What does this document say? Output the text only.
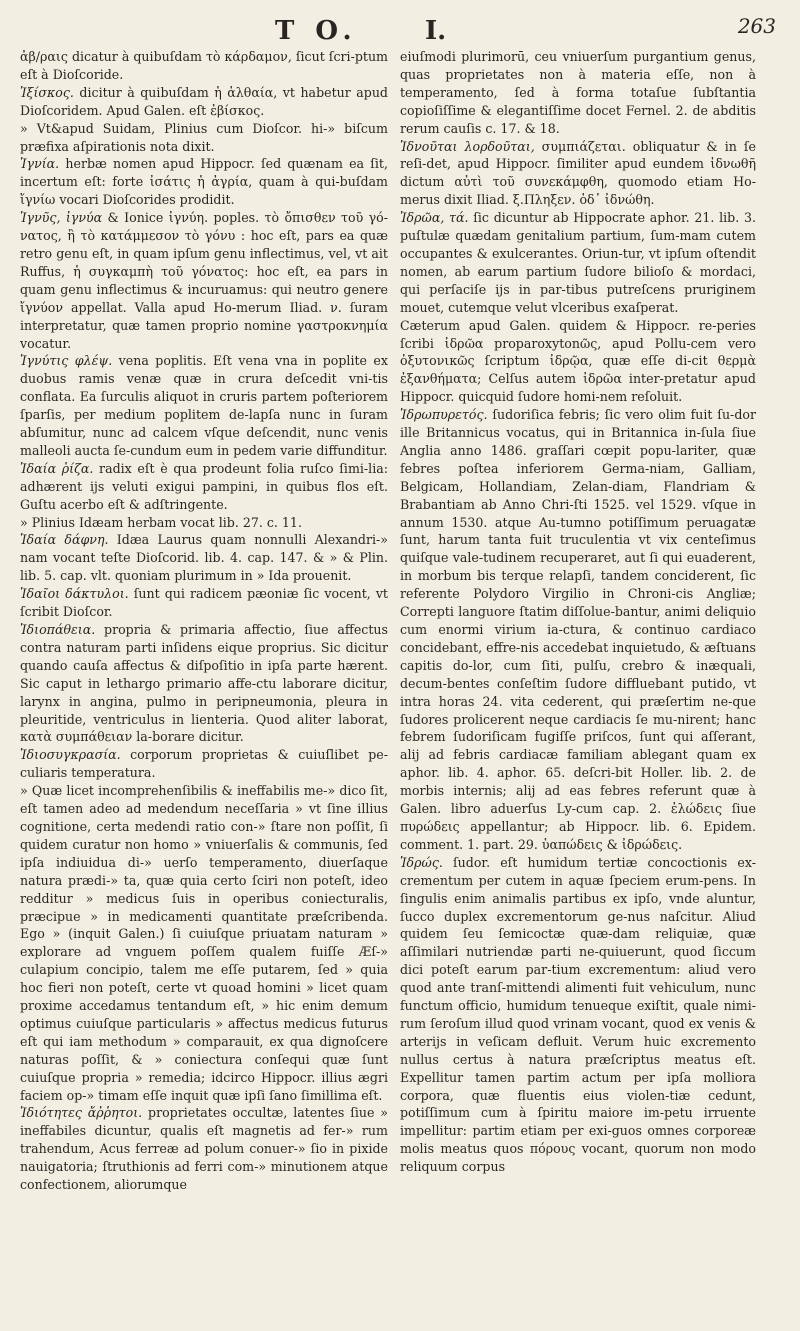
T O.	I.	263

ἀβ/ραις dicatur à quibuſdam τὸ κάρδαμον, ſicut ſcri-ptum eſt à Dioſcoride.

Ἰξίσκος. dicitur à quibuſdam ἡ ἀλθαία, vt habetur apud Dioſcoridem. Apud Galen. eſt ἐβίσκος.

» Vt&apud Suidam, Plinius cum Dioſcor. hi-» biſcum præfixa aſpirationis nota dixit.

Ἰγνία. herbæ nomen apud Hippocr. ſed quænam ea ſit, incertum eſt: forte ἰσάτις ἡ ἀγρία, quam à qui-buſdam ἴγνίω vocari Dioſcorides prodidit.

Ἰγνῦς, ἰγνύα & Ionice ἰγνύη. poples. τὸ ὄπισθεν τοῦ γό-νατος, ἢ τὸ κατάμμεσον τὸ γόνυ : hoc eſt, pars ea quæ retro genu eſt, in quam ipſum genu inflectimus, vel, vt ait Ruffus, ἡ συγκαμπὴ τοῦ γόνατος: hoc eſt, ea pars in quam genu inflectimus & incuruamus: qui neutro genere ἴγνύον appellat. Valla apud Ho-merum Iliad. ν. ſuram interpretatur, quæ tamen proprio nomine γαστροκνημία vocatur.

Ἰγνύτις φλέψ. vena poplitis. Eſt vena vna in poplite ex duobus ramis venæ quæ in crura deſcedit vni-tis conflata. Ea ſurculis aliquot in cruris partem poſteriorem ſparſis, per medium poplitem de-lapſa nunc in ſuram abſumitur, nunc ad calcem vſque deſcendit, nunc venis malleoli aucta ſe-cundum eum in pedem varie diffunditur.

Ἰδαία ῥίζα. radix eſt è qua prodeunt folia ruſco ſimi-lia: adhærent ijs veluti exigui pampini, in quibus flos eſt. Guſtu acerbo eſt & adſtringente.

» Plinius Idæam herbam vocat lib. 27. c. 11.

Ἰδαία δάφνη. Idæa Laurus quam nonnulli Alexandri-» nam vocant teſte Dioſcorid. lib. 4. cap. 147. & » & Plin. lib. 5. cap. vlt. quoniam plurimum in » Ida prouenit.

Ἰδαῖοι δάκτυλοι. ſunt qui radicem pæoniæ ſic vocent, vt ſcribit Dioſcor.

Ἰδιοπάθεια. propria & primaria affectio, ſiue affectus contra naturam parti inſidens eique proprius. Sic dicitur quando cauſa affectus & diſpoſitio in ipſa parte hærent. Sic caput in lethargo primario affe-ctu laborare dicitur, larynx in angina, pulmo in peripneumonia, pleura in pleuritide, ventriculus in lienteria. Quod aliter laborat, κατὰ συμπάθειαν la-borare dicitur.

Ἰδιοσυγκρασία. corporum proprietas & cuiuſlibet pe-culiaris temperatura.

» Quæ licet incomprehenſibilis & ineffabilis me-» dico ſit, eſt tamen adeo ad medendum neceſſaria » vt ſine illius cognitione, certa medendi ratio con-» ſtare non poſſit, ſi quidem curatur non homo » vniuerſalis & communis, ſed ipſa indiuidua di-» uerſo temperamento, diuerſaque natura prædi-» ta, quæ quia certo ſciri non poteſt, ideo redditur » medicus ſuis in operibus coniecturalis, præcipue » in medicamenti quantitate præſcribenda. Ego » (inquit Galen.) ſi cuiuſque priuatam naturam » explorare ad vnguem poſſem qualem fuiſſe Æſ-» culapium concipio, talem me eſſe putarem, ſed » quia hoc fieri non poteſt, certe vt quoad homini » licet quam proxime accedamus tentandum eſt, » hic enim demum optimus cuiuſque particularis » affectus medicus futurus eſt qui iam methodum » comparauit, ex qua dignoſcere naturas poſſit, & » coniectura conſequi quæ ſunt cuiuſque propria » remedia; idcirco Hippocr. illius ægri faciem op-» timam eſſe inquit quæ ipſi ſano ſimillima eſt.

Ἰδιότητες ἄῤῥητοι. proprietates occultæ, latentes ſiue » ineffabiles dicuntur, qualis eſt magnetis ad fer-» rum trahendum, Acus ferreæ ad polum conuer-» ſio in pixide nauigatoria; ſtruthionis ad ferri com-» minutionem atque confectionem, aliorumque

eiuſmodi plurimorū, ceu vniuerſum purgantium genus, quas proprietates non à materia eſſe, non à temperamento, ſed à forma totaſue ſubſtantia copioſiſſime & elegantiſſime docet Fernel. 2. de abditis rerum cauſis c. 17. & 18.

Ἰδνοῦται λορδοῦται, συμπιάζεται. obliquatur & in ſe reſi-det, apud Hippocr. ſimiliter apud eundem ἰδνωθῆ dictum αὐτὶ τοῦ συνεκάμφθη, quomodo etiam Ho-merus dixit Iliad. ξ.Πληξεν. ὁδ᾽ ἰδνώθη.

Ἰδρῶα, τά. ſic dicuntur ab Hippocrate aphor. 21. lib. 3. puſtulæ quædam genitalium partium, ſum-mam cutem occupantes & exulcerantes. Oriun-tur, vt ipſum oſtendit nomen, ab earum partium ſudore bilioſo & mordaci, qui perſaciſe ijs in par-tibus putreſcens pruriginem mouet, cutemque velut vlceribus exaſperat.

Cæterum apud Galen. quidem & Hippocr. re-peries ſcribi ἰδρῶα proparoxytonῶς, apud Pollu-cem vero ὀξυτονικῶς ſcriptum ἰδρῷα, quæ eſſe di-cit θερμὰ ἐξανθήματα; Celſus autem ἰδρῶα inter-pretatur apud Hippocr. quicquid ſudore homi-nem reſoluit.

Ἰδρωπυρετός. ſudoriſica febris; ſic vero olim fuit ſu-dor ille Britannicus vocatus, qui in Britannica in-ſula ſiue Anglia anno 1486. graſſari cœpit popu-lariter, quæ febres poſtea inferiorem Germa-niam, Galliam, Belgicam, Hollandiam, Zelan-diam, Flandriam & Brabantiam ab Anno Chri-ſti 1525. vel 1529. vſque in annum 1530. atque Au-tumno potiſſimum peruagatæ ſunt, harum tanta fuit truculentia vt vix centeſimus quiſque vale-tudinem recuperaret, aut ſi qui euaderent, in morbum bis terque relapſi, tandem conciderent, ſic referente Polydoro Virgilio in Chroni-cis Angliæ; Correpti languore ſtatim diſſolue-bantur, animi deliquio cum enormi virium ia-ctura, & continuo cardiaco concidebant, effre-nis accedebat inquietudo, & æſtuans capitis do-lor, cum ſiti, pulſu, crebro & inæquali, decum-bentes conſeſtim ſudore diffluebant putido, vt intra horas 24. vita cederent, qui præſertim ne-que ſudores prolicerent neque cardiacis ſe mu-nirent; hanc febrem ſudoriſicam fugiſſe priſcos, ſunt qui aſſerant, alij ad febris cardiacæ familiam ablegant quam ex aphor. lib. 4. aphor. 65. deſcri-bit Holler. lib. 2. de morbis internis; alij ad eas febres referunt quæ à Galen. libro aduerſus Ly-cum cap. 2. ἐλώδεις ſiue πυρώδεις appellantur; ab Hippocr. lib. 6. Epidem. comment. 1. part. 29. ὑαπώδεις & ἰδρώδεις.

Ἰδρώς. ſudor. eſt humidum tertiæ concoctionis ex-crementum per cutem in aquæ ſpeciem erum-pens. In ſingulis enim animalis partibus ex ipſo, vnde aluntur, ſucco duplex excrementorum ge-nus naſcitur. Aliud quidem ſeu ſemicoctæ quæ-dam reliquiæ, quæ aſſimilari nutriendæ parti ne-quiuerunt, quod ſiccum dici poteſt earum par-tium excrementum: aliud vero quod ante tranſ-mittendi alimenti fuit vehiculum, nunc functum officio, humidum tenueque exiſtit, quale nimi-rum ſeroſum illud quod vrinam vocant, quod ex venis & arterijs in veſicam defluit. Verum huic excremento nullus certus à natura præſcriptus meatus eſt. Expellitur tamen partim actum per ipſa molliora corpora, quæ fluentis eius violen-tiæ cedunt, potiſſimum cum à ſpiritu maiore im-petu irruente impellitur: partim etiam per exi-guos omnes corporeæ molis meatus quos πόρους vocant, quorum non modo reliquum corpus
